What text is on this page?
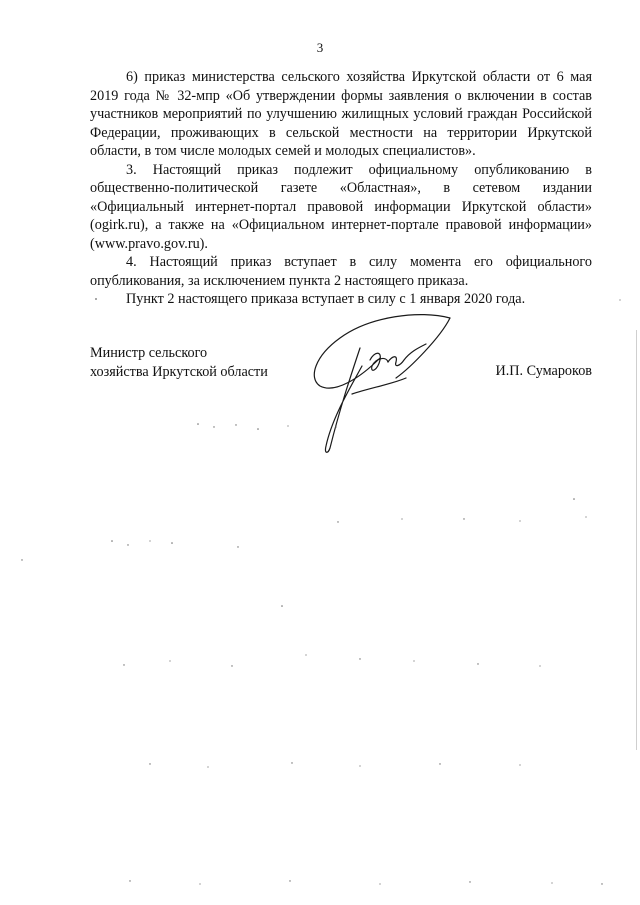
3

6) приказ министерства сельского хозяйства Иркутской области от 6 мая 2019 года № 32-мпр «Об утверждении формы заявления о включении в состав участников мероприятий по улучшению жилищных условий граждан Российской Федерации, проживающих в сельской местности на территории Иркутской области, в том числе молодых семей и молодых специалистов».

3. Настоящий приказ подлежит официальному опубликованию в общественно-политической газете «Областная», в сетевом издании «Официальный интернет-портал правовой информации Иркутской области» (ogirk.ru), а также на «Официальном интернет-портале правовой информации» (www.pravo.gov.ru).

4. Настоящий приказ вступает в силу момента его официального опубликования, за исключением пункта 2 настоящего приказа.

Пункт 2 настоящего приказа вступает в силу с 1 января 2020 года.

Министр сельского
хозяйства Иркутской области	И.П. Сумароков
